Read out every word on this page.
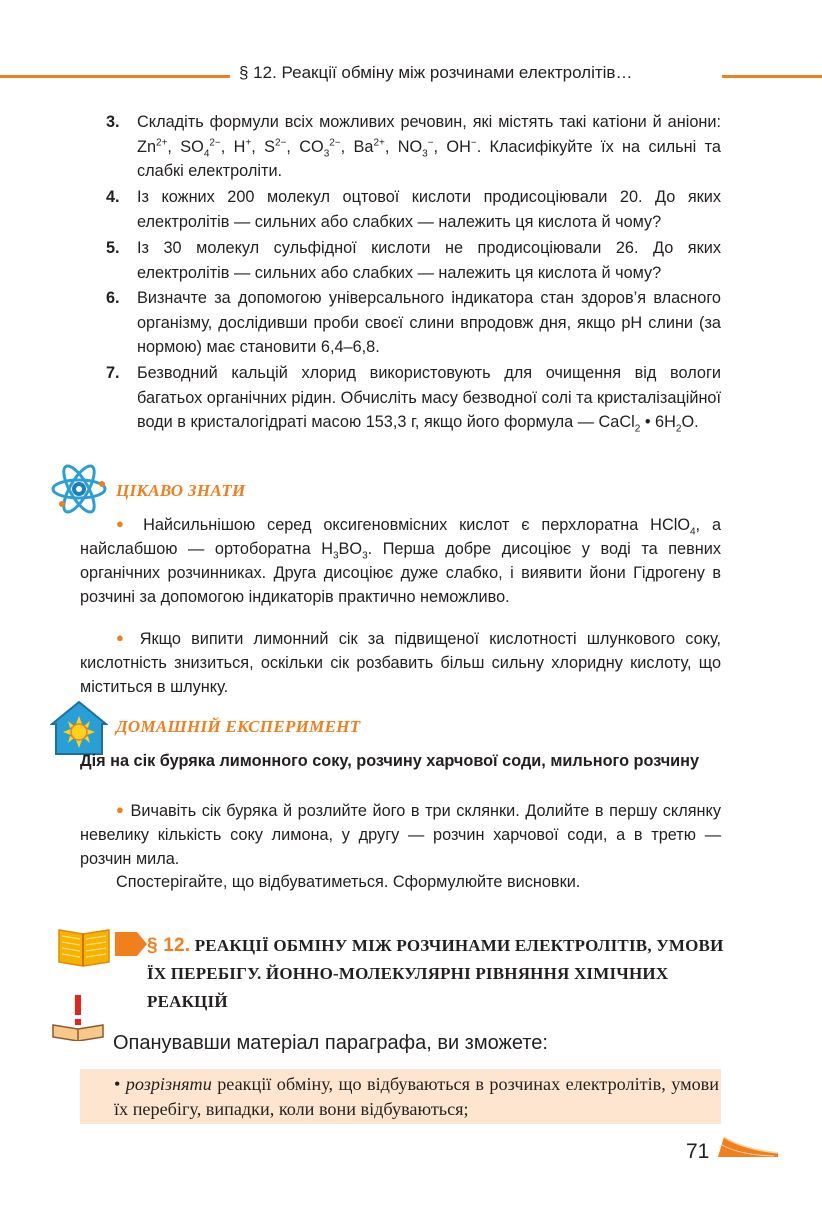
§ 12. Реакції обміну між розчинами електролітів…
3. Складіть формули всіх можливих речовин, які містять такі катіони й аніони: $Zn^{2+}$, $SO_4^{2-}$, H+, $S^{2-}$, $CO_3^{2-}$, $Ba^{2+}$, $NO_3^-$, OH−. Класифікуйте їх на сильні та слабкі електроліти.
4. Із кожних 200 молекул оцтової кислоти продисоціювали 20. До яких електролітів — сильних або слабких — належить ця кислота й чому?
5. Із 30 молекул сульфідної кислоти не продисоціювали 26. До яких електролітів — сильних або слабких — належить ця кислота й чому?
6. Визначте за допомогою універсального індикатора стан здоров’я власного організму, дослідивши проби своєї слини впродовж дня, якщо pH слини (за нормою) має становити 6,4–6,8.
7. Безводний кальцій хлорид використовують для очищення від вологи багатьох органічних рідин. Обчисліть масу безводної солі та кристалізаційної води в кристалогідраті масою 153,3 г, якщо його формула — CaCl$_2$ • $6H_2O$.
ЦІКАВО ЗНАТИ
● Найсильнішою серед оксигеновмісних кислот є перхлоратна HClO$_4$, а найслабшою — ортоборатна $H_3BO_3$. Перша добре дисоціює у воді та певних органічних розчинниках. Друга дисоціює дуже слабко, і виявити йони Гідрогену в розчині за допомогою індикаторів практично неможливо.
● Якщо випити лимонний сік за підвищеної кислотності шлункового соку, кислотність знизиться, оскільки сік розбавить більш сильну хлоридну кислоту, що міститься в шлунку.
ДОМАШНІЙ ЕКСПЕРИМЕНТ
Дія на сік буряка лимонного соку, розчину харчової соди, мильного розчину
● Вичавіть сік буряка й розлийте його в три склянки. Долийте в першу склянку невелику кількість соку лимона, у другу — розчин харчової соди, а в третю — розчин мила.
Спостерігайте, що відбуватиметься. Сформулюйте висновки.
§ 12. РЕАКЦІЇ ОБМІНУ МІЖ РОЗЧИНАМИ ЕЛЕКТРОЛІТІВ, УМОВИ ЇХ ПЕРЕБІГУ. ЙОННО-МОЛЕКУЛЯРНІ РІВНЯННЯ ХІМІЧНИХ РЕАКЦІЙ
Опанувавши матеріал параграфа, ви зможете:
• розрізняти реакції обміну, що відбуваються в розчинах електролітів, умови їх перебігу, випадки, коли вони відбуваються;
71
